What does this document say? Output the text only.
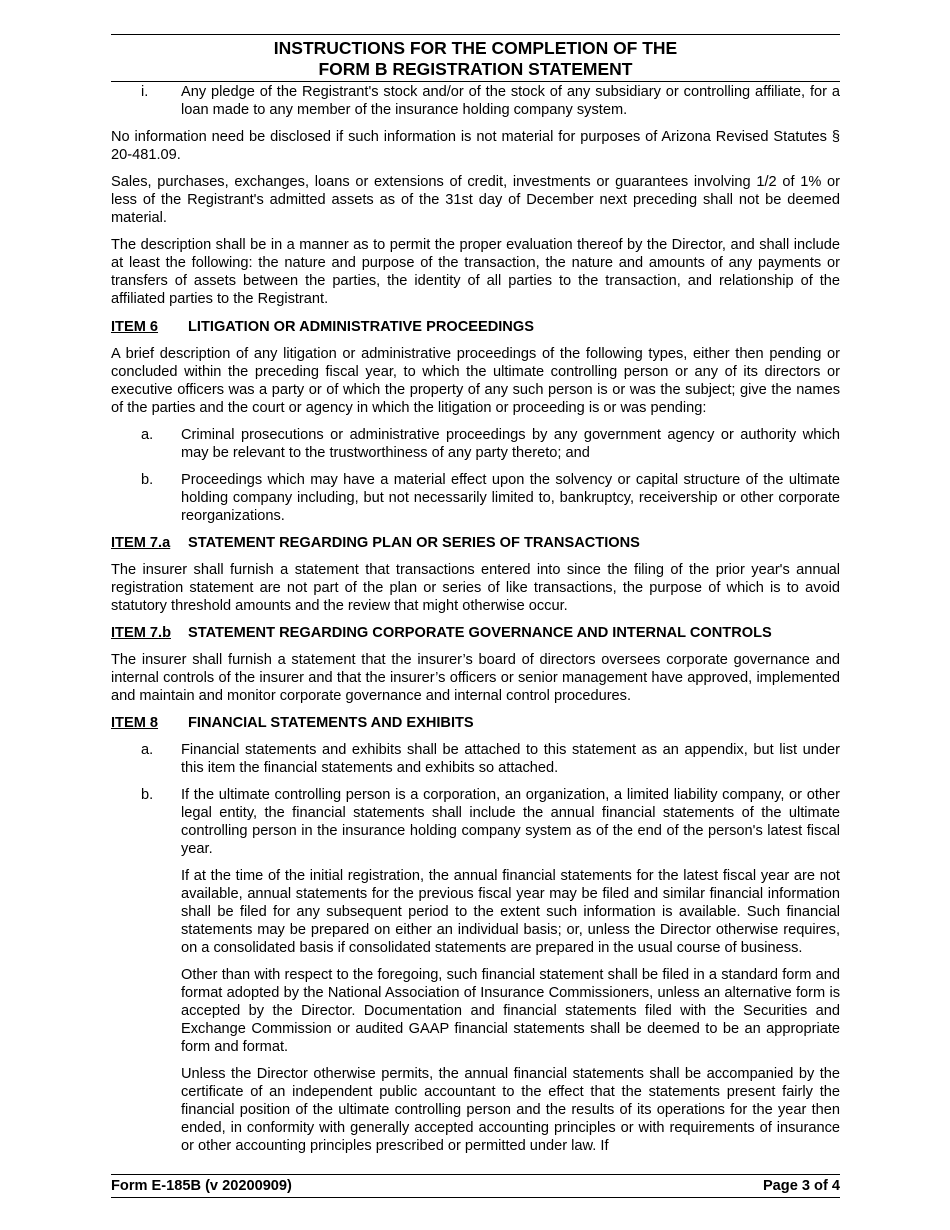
INSTRUCTIONS FOR THE COMPLETION OF THE
FORM B REGISTRATION STATEMENT
i.	Any pledge of the Registrant's stock and/or of the stock of any subsidiary or controlling affiliate, for a loan made to any member of the insurance holding company system.

No information need be disclosed if such information is not material for purposes of Arizona Revised Statutes § 20-481.09.

Sales, purchases, exchanges, loans or extensions of credit, investments or guarantees involving 1/2 of 1% or less of the Registrant's admitted assets as of the 31st day of December next preceding shall not be deemed material.

The description shall be in a manner as to permit the proper evaluation thereof by the Director, and shall include at least the following: the nature and purpose of the transaction, the nature and amounts of any payments or transfers of assets between the parties, the identity of all parties to the transaction, and relationship of the affiliated parties to the Registrant.

ITEM 6	LITIGATION OR ADMINISTRATIVE PROCEEDINGS

A brief description of any litigation or administrative proceedings of the following types, either then pending or concluded within the preceding fiscal year, to which the ultimate controlling person or any of its directors or executive officers was a party or of which the property of any such person is or was the subject; give the names of the parties and the court or agency in which the litigation or proceeding is or was pending:

a.	Criminal prosecutions or administrative proceedings by any government agency or authority which may be relevant to the trustworthiness of any party thereto; and
b.	Proceedings which may have a material effect upon the solvency or capital structure of the ultimate holding company including, but not necessarily limited to, bankruptcy, receivership or other corporate reorganizations.
ITEM 7.a	STATEMENT REGARDING PLAN OR SERIES OF TRANSACTIONS

The insurer shall furnish a statement that transactions entered into since the filing of the prior year's annual registration statement are not part of the plan or series of like transactions, the purpose of which is to avoid statutory threshold amounts and the review that might otherwise occur.

ITEM 7.b	STATEMENT REGARDING CORPORATE GOVERNANCE AND INTERNAL CONTROLS

The insurer shall furnish a statement that the insurer’s board of directors oversees corporate governance and internal controls of the insurer and that the insurer’s officers or senior management have approved, implemented and maintain and monitor corporate governance and internal control procedures.

ITEM 8	FINANCIAL STATEMENTS AND EXHIBITS
a.	Financial statements and exhibits shall be attached to this statement as an appendix, but list under this item the financial statements and exhibits so attached.
b.	If the ultimate controlling person is a corporation, an organization, a limited liability company, or other legal entity, the financial statements shall include the annual financial statements of the ultimate controlling person in the insurance holding company system as of the end of the person's latest fiscal year.

If at the time of the initial registration, the annual financial statements for the latest fiscal year are not available, annual statements for the previous fiscal year may be filed and similar financial information shall be filed for any subsequent period to the extent such information is available. Such financial statements may be prepared on either an individual basis; or, unless the Director otherwise requires, on a consolidated basis if consolidated statements are prepared in the usual course of business.

Other than with respect to the foregoing, such financial statement shall be filed in a standard form and format adopted by the National Association of Insurance Commissioners, unless an alternative form is accepted by the Director. Documentation and financial statements filed with the Securities and Exchange Commission or audited GAAP financial statements shall be deemed to be an appropriate form and format.

Unless the Director otherwise permits, the annual financial statements shall be accompanied by the certificate of an independent public accountant to the effect that the statements present fairly the financial position of the ultimate controlling person and the results of its operations for the year then ended, in conformity with generally accepted accounting principles or with requirements of insurance or other accounting principles prescribed or permitted under law. If

Form E-185B (v 20200909)	Page 3 of 4
